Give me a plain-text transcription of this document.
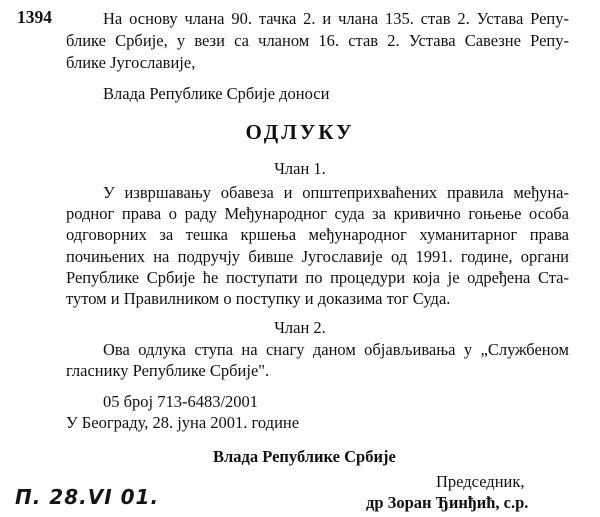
1394	На основу члана 90. тачка 2. и члана 135. став 2. Устава Репу-
блике Србије, у вези са чланом 16. став 2. Устава Савезне Репу-
блике Југославије,
Влада Републике Србије доноси
ОДЛУКУ
Члан 1.
У извршавању обавеза и општеприхваћених правила међуна-
родног права о раду Међународног суда за кривично гоњење особа
одговорних за тешка кршења међународног хуманитарног права
почињених на подручју бивше Југославије од 1991. године, органи
Републике Србије ће поступати по процедури која је одређена Ста-
тутом и Правилником о поступку и доказима тог Суда.
Члан 2.
Ова одлука ступа на снагу даном објављивања у „Службеном
гласнику Републике Србије".
05 број 713-6483/2001
У Београду, 28. јуна 2001. године
Влада Републике Србије
Председник,
др Зоран Ђинђић, с.р.
П. 28.VI 01.
